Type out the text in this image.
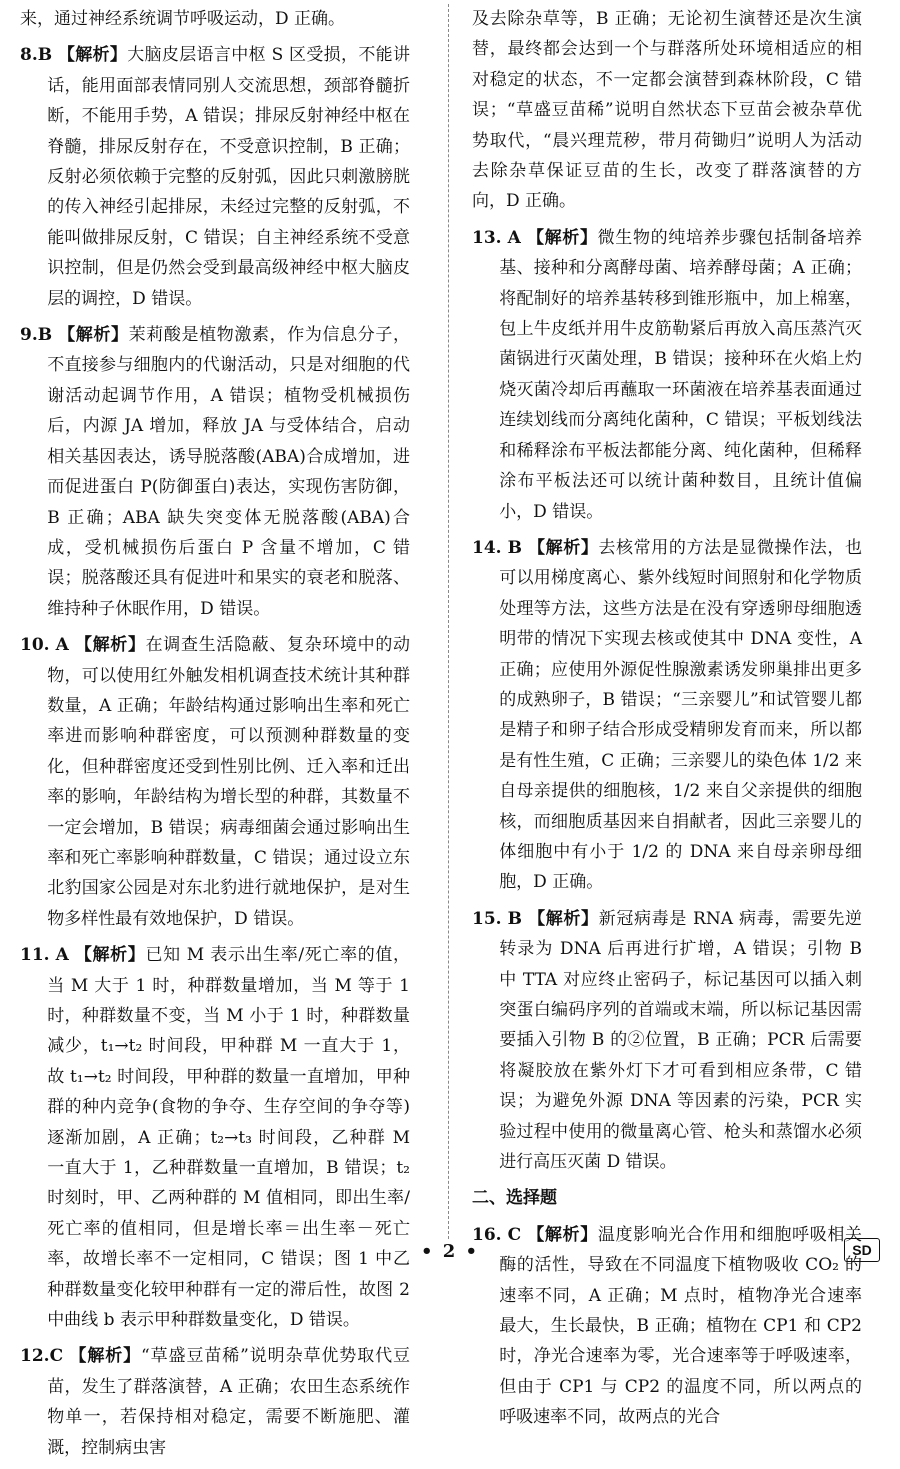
来，通过神经系统调节呼吸运动，D 正确。

8.B 【解析】大脑皮层语言中枢 S 区受损，不能讲话，能用面部表情同别人交流思想，颈部脊髓折断，不能用手势，A 错误；排尿反射神经中枢在脊髓，排尿反射存在，不受意识控制，B 正确；反射必须依赖于完整的反射弧，因此只刺激膀胱的传入神经引起排尿，未经过完整的反射弧，不能叫做排尿反射，C 错误；自主神经系统不受意识控制，但是仍然会受到最高级神经中枢大脑皮层的调控，D 错误。

9.B 【解析】茉莉酸是植物激素，作为信息分子，不直接参与细胞内的代谢活动，只是对细胞的代谢活动起调节作用，A 错误；植物受机械损伤后，内源 JA 增加，释放 JA 与受体结合，启动相关基因表达，诱导脱落酸(ABA)合成增加，进而促进蛋白 P(防御蛋白)表达，实现伤害防御，B 正确；ABA 缺失突变体无脱落酸(ABA)合成，受机械损伤后蛋白 P 含量不增加，C 错误；脱落酸还具有促进叶和果实的衰老和脱落、维持种子休眠作用，D 错误。

10. A 【解析】在调查生活隐蔽、复杂环境中的动物，可以使用红外触发相机调查技术统计其种群数量，A 正确；年龄结构通过影响出生率和死亡率进而影响种群密度，可以预测种群数量的变化，但种群密度还受到性别比例、迁入率和迁出率的影响，年龄结构为增长型的种群，其数量不一定会增加，B 错误；病毒细菌会通过影响出生率和死亡率影响种群数量，C 错误；通过设立东北豹国家公园是对东北豹进行就地保护，是对生物多样性最有效地保护，D 错误。

11. A 【解析】已知 M 表示出生率/死亡率的值，当 M 大于 1 时，种群数量增加，当 M 等于 1 时，种群数量不变，当 M 小于 1 时，种群数量减少，t₁→t₂ 时间段，甲种群 M 一直大于 1，故 t₁→t₂ 时间段，甲种群的数量一直增加，甲种群的种内竞争(食物的争夺、生存空间的争夺等)逐渐加剧，A 正确；t₂→t₃ 时间段，乙种群 M 一直大于 1，乙种群数量一直增加，B 错误；t₂ 时刻时，甲、乙两种群的 M 值相同，即出生率/死亡率的值相同，但是增长率＝出生率－死亡率，故增长率不一定相同，C 错误；图 1 中乙种群数量变化较甲种群有一定的滞后性，故图 2 中曲线 b 表示甲种群数量变化，D 错误。

12.C 【解析】“草盛豆苗稀”说明杂草优势取代豆苗，发生了群落演替，A 正确；农田生态系统作物单一，若保持相对稳定，需要不断施肥、灌溉，控制病虫害

及去除杂草等，B 正确；无论初生演替还是次生演替，最终都会达到一个与群落所处环境相适应的相对稳定的状态，不一定都会演替到森林阶段，C 错误；“草盛豆苗稀”说明自然状态下豆苗会被杂草优势取代，“晨兴理荒秽，带月荷锄归”说明人为活动去除杂草保证豆苗的生长，改变了群落演替的方向，D 正确。

13. A 【解析】微生物的纯培养步骤包括制备培养基、接种和分离酵母菌、培养酵母菌；A 正确；将配制好的培养基转移到锥形瓶中，加上棉塞，包上牛皮纸并用牛皮筋勒紧后再放入高压蒸汽灭菌锅进行灭菌处理，B 错误；接种环在火焰上灼烧灭菌冷却后再蘸取一环菌液在培养基表面通过连续划线而分离纯化菌种，C 错误；平板划线法和稀释涂布平板法都能分离、纯化菌种，但稀释涂布平板法还可以统计菌种数目，且统计值偏小，D 错误。

14. B 【解析】去核常用的方法是显微操作法，也可以用梯度离心、紫外线短时间照射和化学物质处理等方法，这些方法是在没有穿透卵母细胞透明带的情况下实现去核或使其中 DNA 变性，A 正确；应使用外源促性腺激素诱发卵巢排出更多的成熟卵子，B 错误；“三亲婴儿”和试管婴儿都是精子和卵子结合形成受精卵发育而来，所以都是有性生殖，C 正确；三亲婴儿的染色体 1/2 来自母亲提供的细胞核，1/2 来自父亲提供的细胞核，而细胞质基因来自捐献者，因此三亲婴儿的体细胞中有小于 1/2 的 DNA 来自母亲卵母细胞，D 正确。

15. B 【解析】新冠病毒是 RNA 病毒，需要先逆转录为 DNA 后再进行扩增，A 错误；引物 B 中 TTA 对应终止密码子，标记基因可以插入刺突蛋白编码序列的首端或末端，所以标记基因需要插入引物 B 的②位置，B 正确；PCR 后需要将凝胶放在紫外灯下才可看到相应条带，C 错误；为避免外源 DNA 等因素的污染，PCR 实验过程中使用的微量离心管、枪头和蒸馏水必须进行高压灭菌 D 错误。

二、选择题

16. C 【解析】温度影响光合作用和细胞呼吸相关酶的活性，导致在不同温度下植物吸收 CO₂ 的速率不同，A 正确；M 点时，植物净光合速率最大，生长最快，B 正确；植物在 CP1 和 CP2 时，净光合速率为零，光合速率等于呼吸速率，但由于 CP1 与 CP2 的温度不同，所以两点的呼吸速率不同，故两点的光合

• 2 •	SD
